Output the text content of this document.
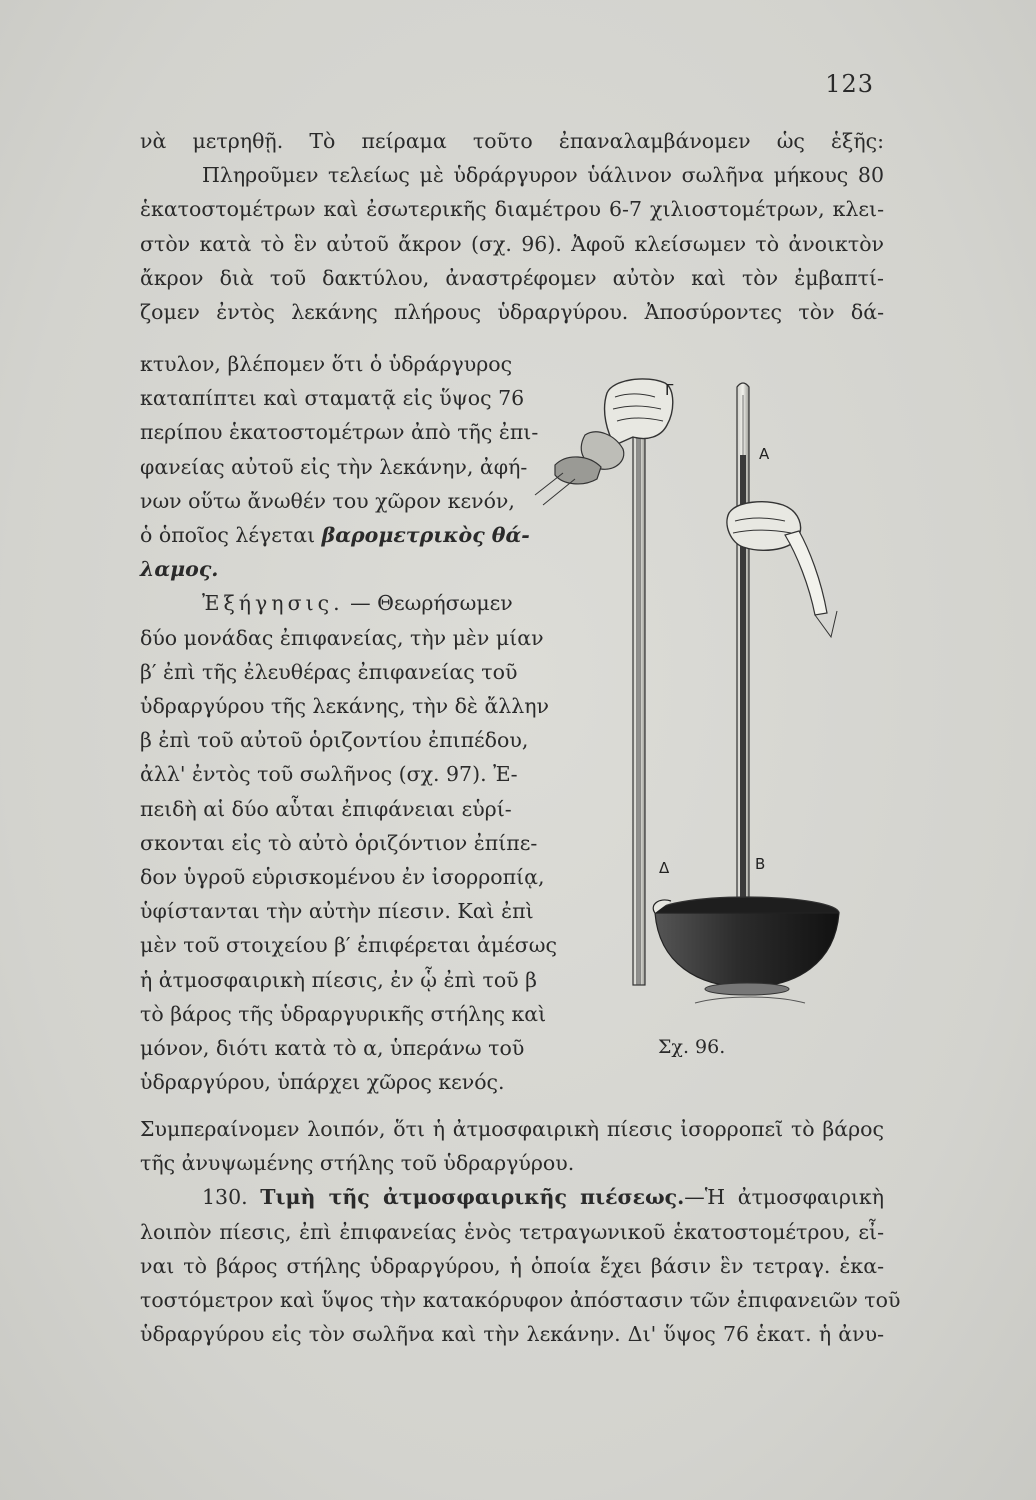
123
νὰ μετρηθῇ. Τὸ πείραμα τοῦτο ἐπαναλαμβάνομεν ὡς ἑξῆς:
Πληροῦμεν τελείως μὲ ὑδράργυρον ὑάλινον σωλῆνα μήκους 80
ἑκατοστομέτρων καὶ ἐσωτερικῆς διαμέτρου 6-7 χιλιοστομέτρων, κλει-
στὸν κατὰ τὸ ἓν αὐτοῦ ἄκρον (σχ. 96). Ἀφοῦ κλείσωμεν τὸ ἀνοικτὸν
ἄκρον διὰ τοῦ δακτύλου, ἀναστρέφομεν αὐτὸν καὶ τὸν ἐμβαπτί-
ζομεν ἐντὸς λεκάνης πλήρους ὑδραργύρου. Ἀποσύροντες τὸν δά-
κτυλον, βλέπομεν ὅτι ὁ ὑδράργυρος
καταπίπτει καὶ σταματᾷ εἰς ὕψος 76
περίπου ἑκατοστομέτρων ἀπὸ τῆς ἐπι-
φανείας αὐτοῦ εἰς τὴν λεκάνην, ἀφή-
νων οὕτω ἄνωθέν του χῶρον κενόν,
ὁ ὁποῖος λέγεται βαρομετρικὸς θά-
λαμος.
Ἐξήγησις. — Θεωρήσωμεν
δύο μονάδας ἐπιφανείας, τὴν μὲν μίαν
β′ ἐπὶ τῆς ἐλευθέρας ἐπιφανείας τοῦ
ὑδραργύρου τῆς λεκάνης, τὴν δὲ ἄλλην
β ἐπὶ τοῦ αὐτοῦ ὁριζοντίου ἐπιπέδου,
ἀλλ' ἐντὸς τοῦ σωλῆνος (σχ. 97). Ἐ-
πειδὴ αἱ δύο αὗται ἐπιφάνειαι εὑρί-
σκονται εἰς τὸ αὐτὸ ὁριζόντιον ἐπίπε-
δον ὑγροῦ εὑρισκομένου ἐν ἰσορροπίᾳ,
ὑφίστανται τὴν αὐτὴν πίεσιν. Καὶ ἐπὶ
μὲν τοῦ στοιχείου β′ ἐπιφέρεται ἀμέσως
ἡ ἀτμοσφαιρικὴ πίεσις, ἐν ᾧ ἐπὶ τοῦ β
τὸ βάρος τῆς ὑδραργυρικῆς στήλης καὶ
μόνον, διότι κατὰ τὸ α, ὑπεράνω τοῦ
ὑδραργύρου, ὑπάρχει χῶρος κενός.
Γ
Α
Δ	Β
Σχ. 96.
Συμπεραίνομεν λοιπόν, ὅτι ἡ ἀτμοσφαιρικὴ πίεσις ἰσορροπεῖ τὸ βάρος
τῆς ἀνυψωμένης στήλης τοῦ ὑδραργύρου.
130. Τιμὴ τῆς ἀτμοσφαιρικῆς πιέσεως.—Ἡ ἀτμοσφαιρικὴ
λοιπὸν πίεσις, ἐπὶ ἐπιφανείας ἑνὸς τετραγωνικοῦ ἑκατοστομέτρου, εἶ-
ναι τὸ βάρος στήλης ὑδραργύρου, ἡ ὁποία ἔχει βάσιν ἓν τετραγ. ἑκα-
τοστόμετρον καὶ ὕψος τὴν κατακόρυφον ἀπόστασιν τῶν ἐπιφανειῶν τοῦ
ὑδραργύρου εἰς τὸν σωλῆνα καὶ τὴν λεκάνην. Δι' ὕψος 76 ἑκατ. ἡ ἀνυ-
